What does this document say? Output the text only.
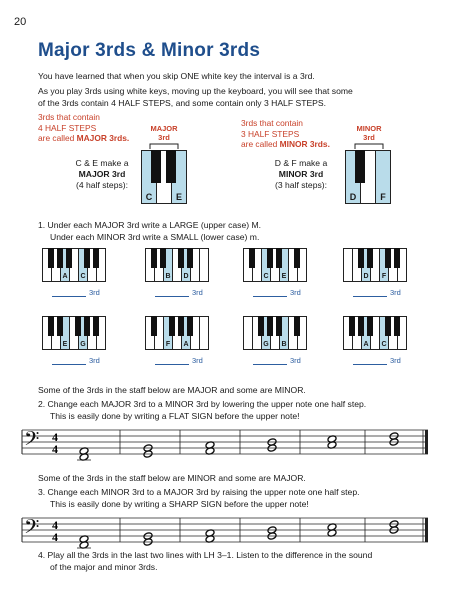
20
Major 3rds & Minor 3rds
You have learned that when you skip ONE white key the interval is a 3rd.
As you play 3rds using white keys, moving up the keyboard, you will see that some
of the 3rds contain 4 HALF STEPS, and some contain only 3 HALF STEPS.
3rds that contain
4 HALF STEPS
are called MAJOR 3rds.
MAJOR
3rd
C & E make a
MAJOR 3rd
(4 half steps):
C	E
3rds that contain
3 HALF STEPS
are called MINOR 3rds.
MINOR
3rd
D & F make a
MINOR 3rd
(3 half steps):
D	F
1. Under each MAJOR 3rd write a LARGE (upper case) M.
Under each MINOR 3rd write a SMALL (lower case) m.
A	C
3rd
B	D
3rd
C	E
3rd
D	F
3rd
E	G
3rd
F	A
3rd
G	B
3rd
A	C
3rd
Some of the 3rds in the staff below are MAJOR and some are MINOR.
2. Change each MAJOR 3rd to a MINOR 3rd by lowering the upper note one half step.
This is easily done by writing a FLAT SIGN before the upper note!
𝄢 4
4
Some of the 3rds in the staff below are MINOR and some are MAJOR.
3. Change each MINOR 3rd to a MAJOR 3rd by raising the upper note one half step.
This is easily done by writing a SHARP SIGN before the upper note!
𝄢 4
4
4. Play all the 3rds in the last two lines with LH 3–1. Listen to the difference in the sound
of the major and minor 3rds.
